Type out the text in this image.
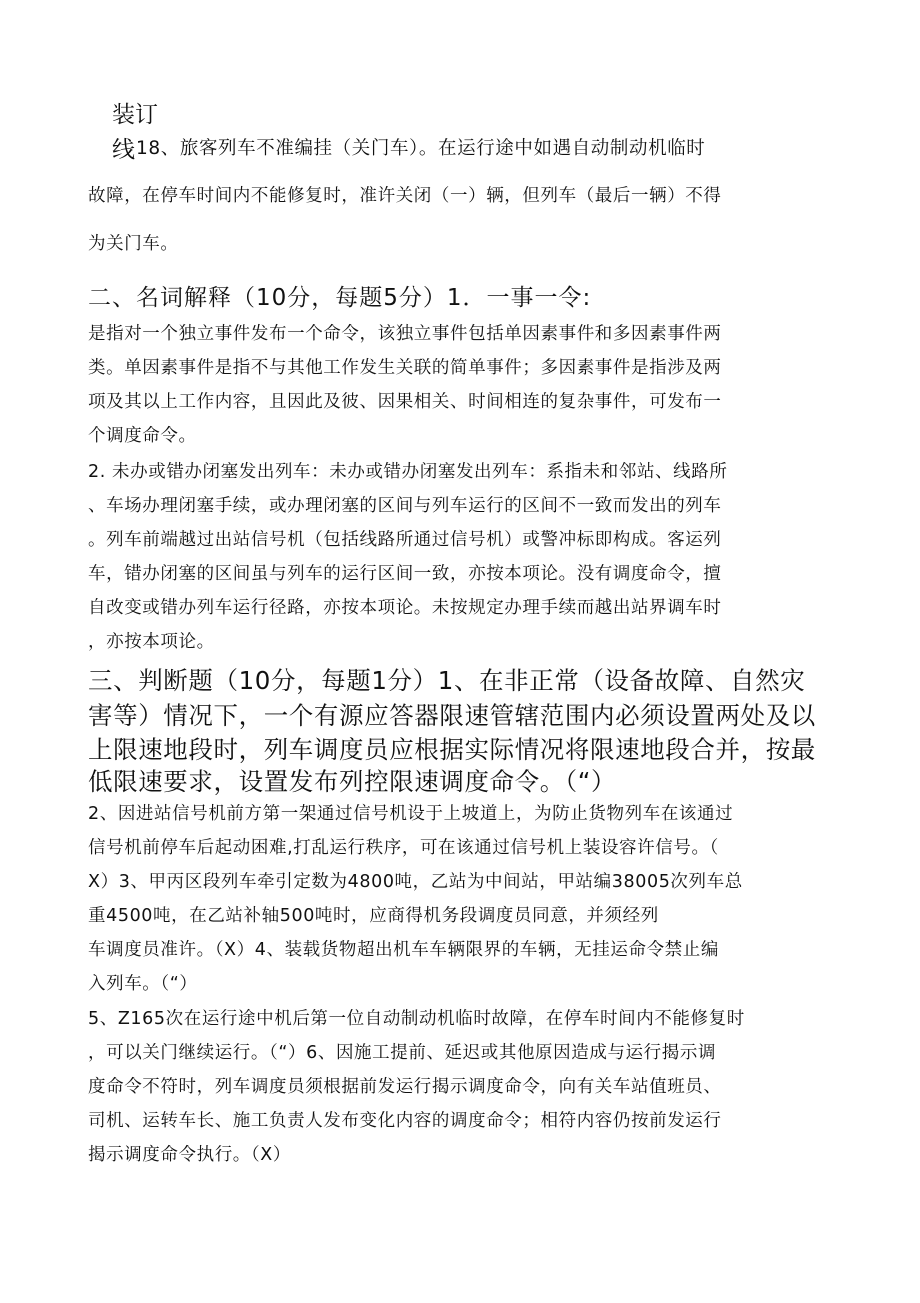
装订
线 18、旅客列车不准编挂（关门车）。在运行途中如遇自动制动机临时
故障，在停车时间内不能修复时，准许关闭（一）辆，但列车（最后一辆）不得
为关门车。
二、名词解释（10分，每题5分）1．一事一令:
是指对一个独立事件发布一个命令，该独立事件包括单因素事件和多因素事件两
类。单因素事件是指不与其他工作发生关联的简单事件；多因素事件是指涉及两
项及其以上工作内容，且因此及彼、因果相关、时间相连的复杂事件，可发布一
个调度命令。
2. 未办或错办闭塞发出列车：未办或错办闭塞发出列车：系指未和邻站、线路所
、车场办理闭塞手续，或办理闭塞的区间与列车运行的区间不一致而发出的列车
。列车前端越过出站信号机（包括线路所通过信号机）或警冲标即构成。客运列
车，错办闭塞的区间虽与列车的运行区间一致，亦按本项论。没有调度命令，擅
自改变或错办列车运行径路，亦按本项论。未按规定办理手续而越出站界调车时
，亦按本项论。
三、判断题（10分，每题1分）1、在非正常（设备故障、自然灾
害等）情况下，一个有源应答器限速管辖范围内必须设置两处及以
上限速地段时，列车调度员应根据实际情况将限速地段合并，按最
低限速要求，设置发布列控限速调度命令。（“）
2、因进站信号机前方第一架通过信号机设于上坡道上，为防止货物列车在该通过
信号机前停车后起动困难,打乱运行秩序，可在该通过信号机上装设容许信号。（
X）3、甲丙区段列车牵引定数为4800吨，乙站为中间站，甲站编38005次列车总
重4500吨，在乙站补轴500吨时，应商得机务段调度员同意，并须经列
车调度员准许。（X）4、装载货物超出机车车辆限界的车辆，无挂运命令禁止编
入列车。（“）
5、Z165次在运行途中机后第一位自动制动机临时故障，在停车时间内不能修复时
，可以关门继续运行。（“）6、因施工提前、延迟或其他原因造成与运行揭示调
度命令不符时，列车调度员须根据前发运行揭示调度命令，向有关车站值班员、
司机、运转车长、施工负责人发布变化内容的调度命令；相符内容仍按前发运行
揭示调度命令执行。（X）
